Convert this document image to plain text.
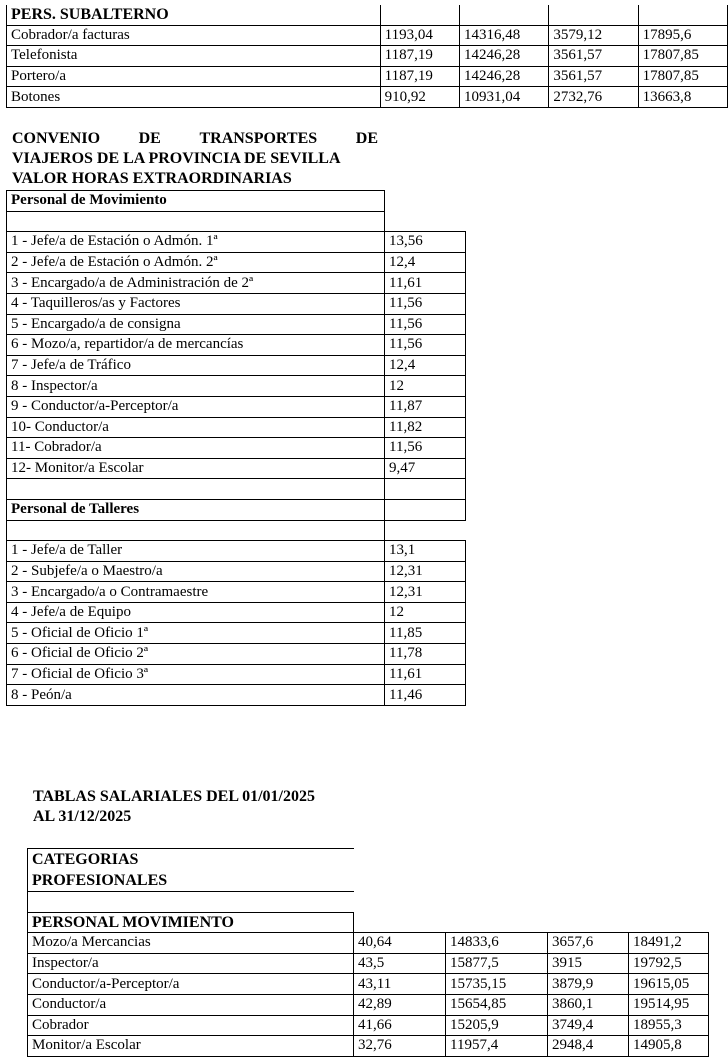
PERS. SUBALTERNO				
Cobrador/a facturas	1193,04	14316,48	3579,12	17895,6
Telefonista	1187,19	14246,28	3561,57	17807,85
Portero/a	1187,19	14246,28	3561,57	17807,85
Botones	910,92	10931,04	2732,76	13663,8
CONVENIO DE TRANSPORTES DE
VIAJEROS DE LA PROVINCIA DE SEVILLA
VALOR HORAS EXTRAORDINARIAS
Personal de Movimiento	

1 - Jefe/a de Estación o Admón. 1ª	13,56
2 - Jefe/a de Estación o Admón. 2ª	12,4
3 - Encargado/a de Administración de 2ª	11,61
4 - Taquilleros/as y Factores	11,56
5 - Encargado/a de consigna	11,56
6 - Mozo/a, repartidor/a de mercancías	11,56
7 - Jefe/a de Tráfico	12,4
8 - Inspector/a	12
9 - Conductor/a-Perceptor/a	11,87
10- Conductor/a	11,82
11- Cobrador/a	11,56
12- Monitor/a Escolar	9,47

Personal de Talleres	

1 - Jefe/a de Taller	13,1
2 - Subjefe/a o Maestro/a	12,31
3 - Encargado/a o Contramaestre	12,31
4 - Jefe/a de Equipo	12
5 - Oficial de Oficio 1ª	11,85
6 - Oficial de Oficio 2ª	11,78
7 - Oficial de Oficio 3ª	11,61
8 - Peón/a	11,46
TABLAS SALARIALES DEL 01/01/2025
AL 31/12/2025
CATEGORIAS
PROFESIONALES				

PERSONAL MOVIMIENTO				
Mozo/a Mercancias	40,64	14833,6	3657,6	18491,2
Inspector/a	43,5	15877,5	3915	19792,5
Conductor/a-Perceptor/a	43,11	15735,15	3879,9	19615,05
Conductor/a	42,89	15654,85	3860,1	19514,95
Cobrador	41,66	15205,9	3749,4	18955,3
Monitor/a Escolar	32,76	11957,4	2948,4	14905,8
